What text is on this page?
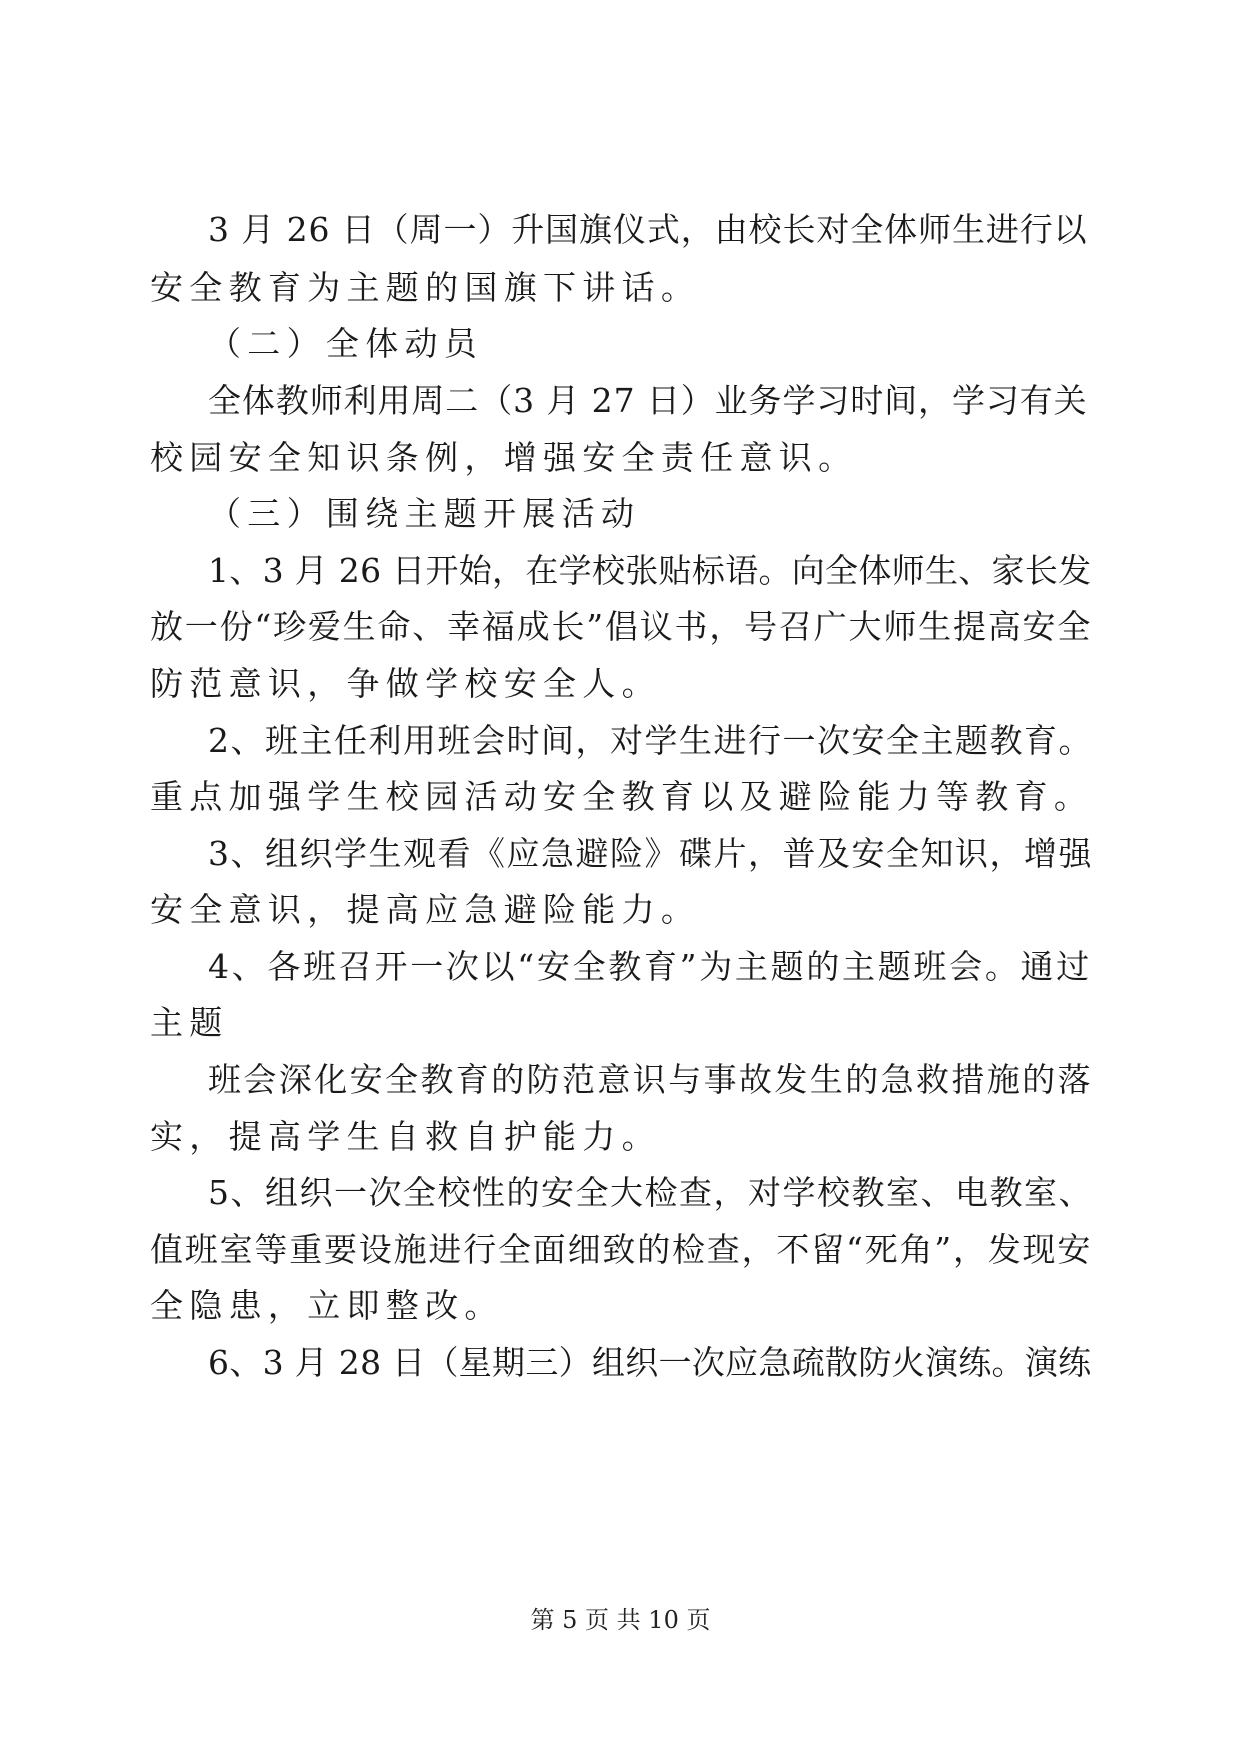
3 月 26 日（周一）升国旗仪式，由校长对全体师生进行以
安全教育为主题的国旗下讲话。
（二）全体动员
全体教师利用周二（3 月 27 日）业务学习时间，学习有关
校园安全知识条例，增强安全责任意识。
（三）围绕主题开展活动
1、3 月 26 日开始，在学校张贴标语。向全体师生、家长发
放一份“珍爱生命、幸福成长”倡议书，号召广大师生提高安全
防范意识，争做学校安全人。
2、班主任利用班会时间，对学生进行一次安全主题教育。
重点加强学生校园活动安全教育以及避险能力等教育。
3、组织学生观看《应急避险》碟片，普及安全知识，增强
安全意识，提高应急避险能力。
4、各班召开一次以“安全教育”为主题的主题班会。通过
主题
班会深化安全教育的防范意识与事故发生的急救措施的落
实，提高学生自救自护能力。
5、组织一次全校性的安全大检查，对学校教室、电教室、
值班室等重要设施进行全面细致的检查，不留“死角”，发现安
全隐患，立即整改。
6、3 月 28 日（星期三）组织一次应急疏散防火演练。演练
第 5 页 共 10 页
